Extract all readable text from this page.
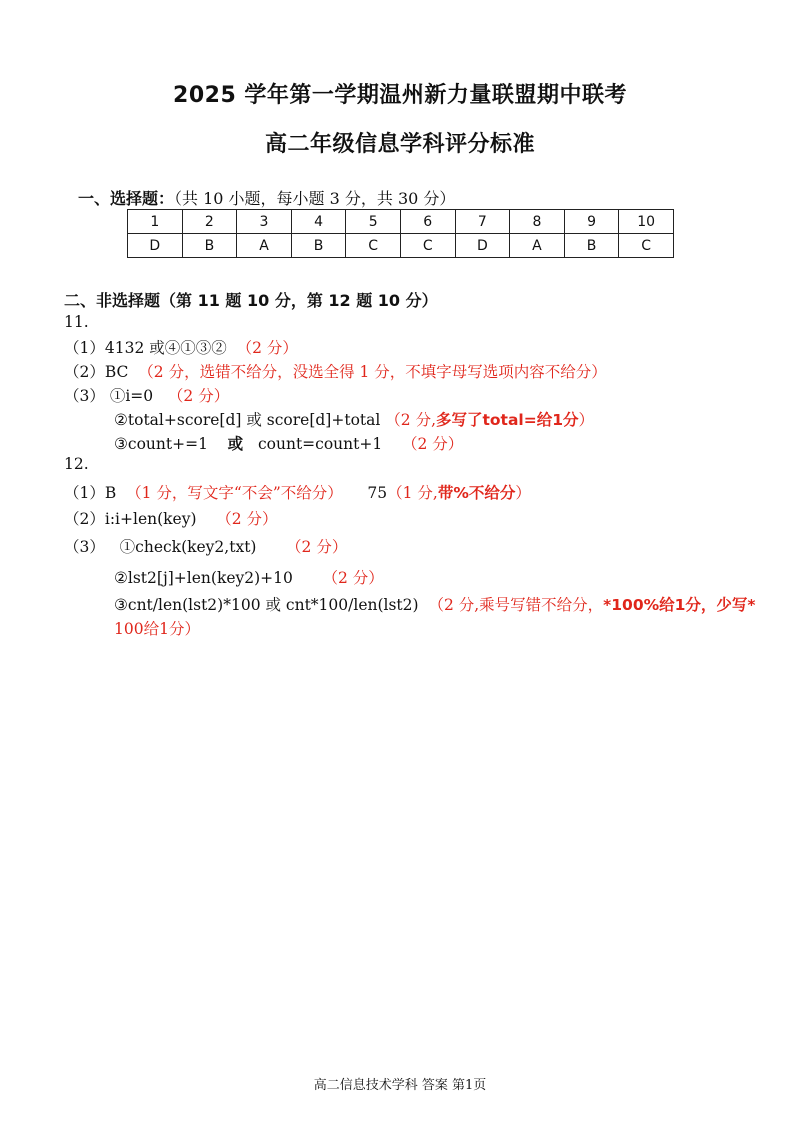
2025 学年第一学期温州新力量联盟期中联考
高二年级信息学科评分标准
一、选择题：（共 10 小题，每小题 3 分，共 30 分）
1	2	3	4	5	6	7	8	9	10
D	B	A	B	C	C	D	A	B	C
二、非选择题（第 11 题 10 分，第 12 题 10 分）
11.
（1）4132 或④①③② （2 分）
（2）BC （2 分，选错不给分，没选全得 1 分，不填字母写选项内容不给分）
（3） ①i=0 （2 分）
②total+score[d] 或 score[d]+total （2 分,多写了total=给1分）
③count+=1 或 count=count+1 （2 分）
12.
（1）B （1 分，写文字“不会”不给分） 75（1 分,带%不给分）
（2）i:i+len(key) （2 分）
（3） ①check(key2,txt) （2 分）
②lst2[j]+len(key2)+10 （2 分）
③cnt/len(lst2)*100 或 cnt*100/len(lst2) （2 分,乘号写错不给分，*100%给1分，少写*
100给1分）
高二信息技术学科 答案 第1页
